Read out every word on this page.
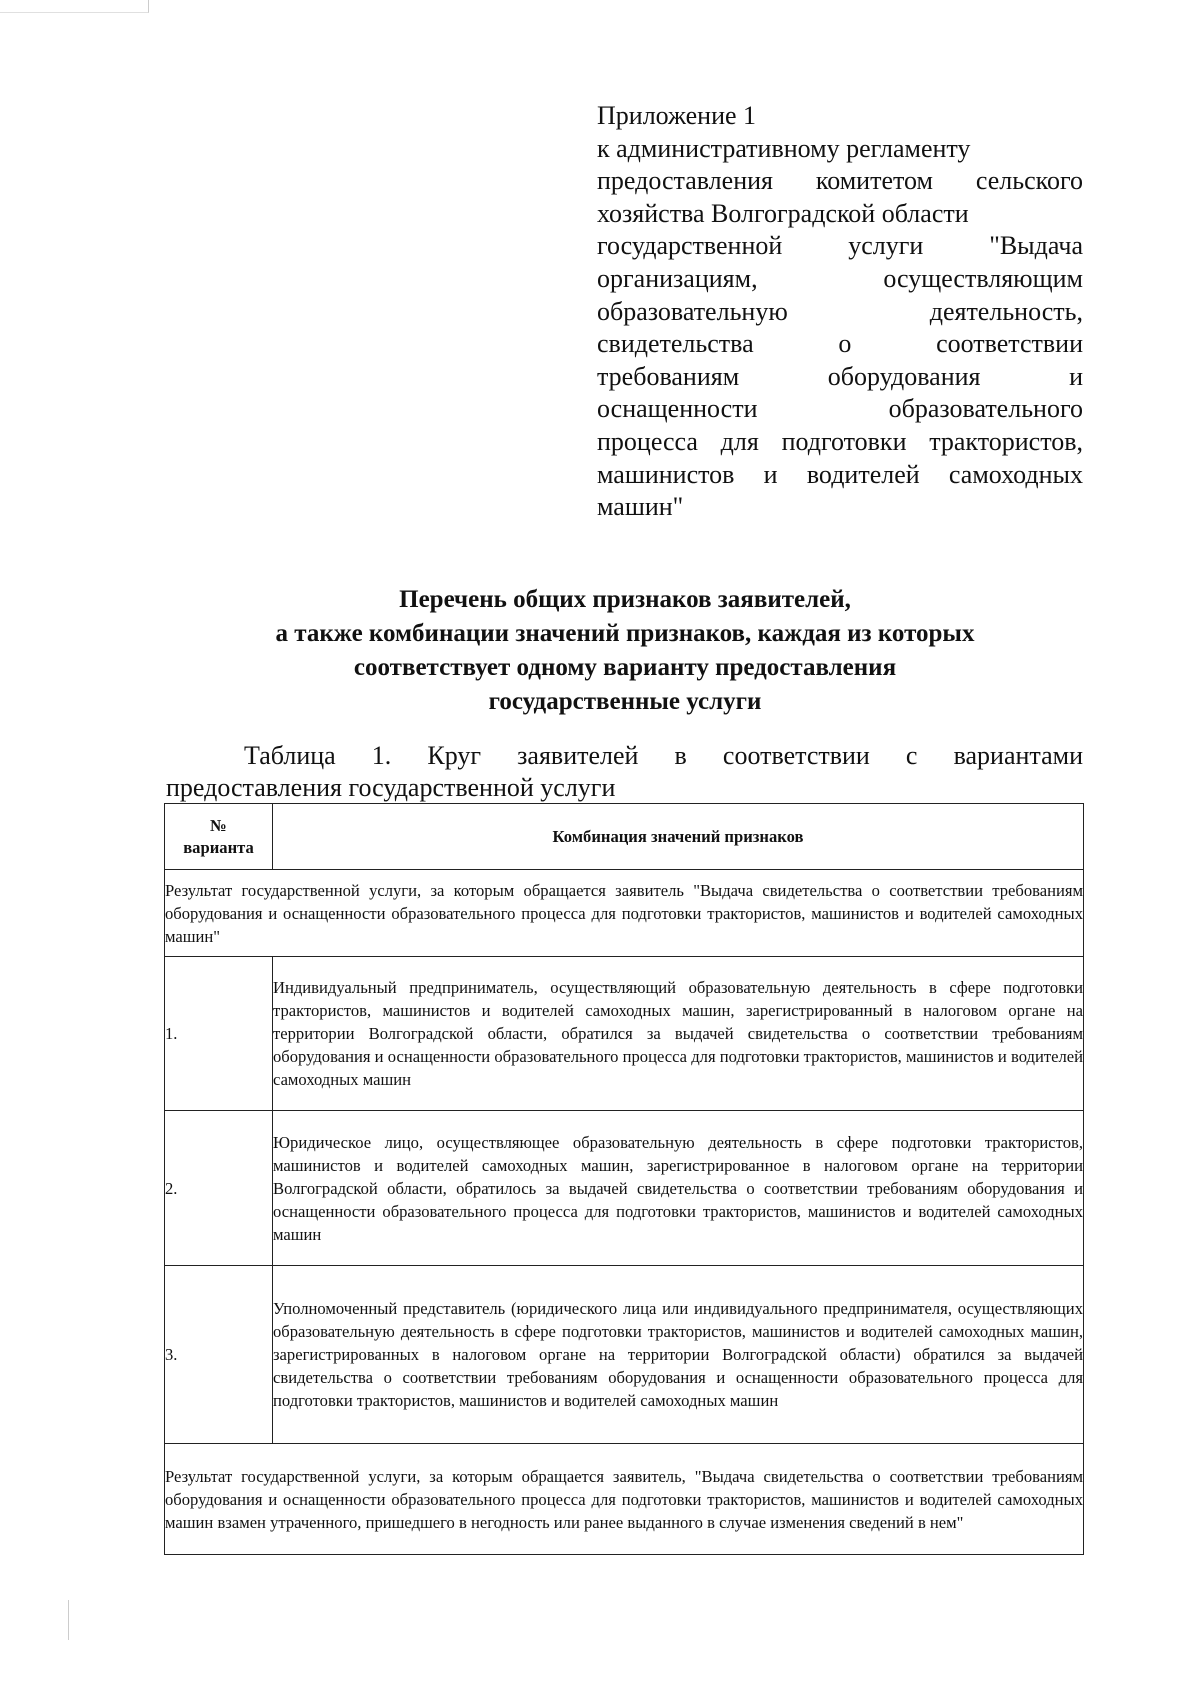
Приложение 1
к административному регламенту
предоставления комитетом сельского
хозяйства Волгоградской области
государственной услуги "Выдача
организациям, осуществляющим
образовательную деятельность,
свидетельства о соответствии
требованиям оборудования и
оснащенности образовательного
процесса для подготовки трактористов,
машинистов и водителей самоходных
машин"
Перечень общих признаков заявителей,
а также комбинации значений признаков, каждая из которых
соответствует одному варианту предоставления
государственные услуги
Таблица 1. Круг заявителей в соответствии с вариантами
предоставления государственной услуги
№
варианта	Комбинация значений признаков
Результат государственной услуги, за которым обращается заявитель "Выдача свидетельства о соответствии требованиям оборудования и оснащенности образовательного процесса для подготовки трактористов, машинистов и водителей самоходных машин"	
1.	Индивидуальный предприниматель, осуществляющий образовательную деятельность в сфере подготовки трактористов, машинистов и водителей самоходных машин, зарегистрированный в налоговом органе на территории Волгоградской области, обратился за выдачей свидетельства о соответствии требованиям оборудования и оснащенности образовательного процесса для подготовки трактористов, машинистов и водителей самоходных машин
2.	Юридическое лицо, осуществляющее образовательную деятельность в сфере подготовки трактористов, машинистов и водителей самоходных машин, зарегистрированное в налоговом органе на территории Волгоградской области, обратилось за выдачей свидетельства о соответствии требованиям оборудования и оснащенности образовательного процесса для подготовки трактористов, машинистов и водителей самоходных машин
3.	Уполномоченный представитель (юридического лица или индивидуального предпринимателя, осуществляющих образовательную деятельность в сфере подготовки трактористов, машинистов и водителей самоходных машин, зарегистрированных в налоговом органе на территории Волгоградской области) обратился за выдачей свидетельства о соответствии требованиям оборудования и оснащенности образовательного процесса для подготовки трактористов, машинистов и водителей самоходных машин
Результат государственной услуги, за которым обращается заявитель, "Выдача свидетельства о соответствии требованиям оборудования и оснащенности образовательного процесса для подготовки трактористов, машинистов и водителей самоходных машин взамен утраченного, пришедшего в негодность или ранее выданного в случае изменения сведений в нем"	
